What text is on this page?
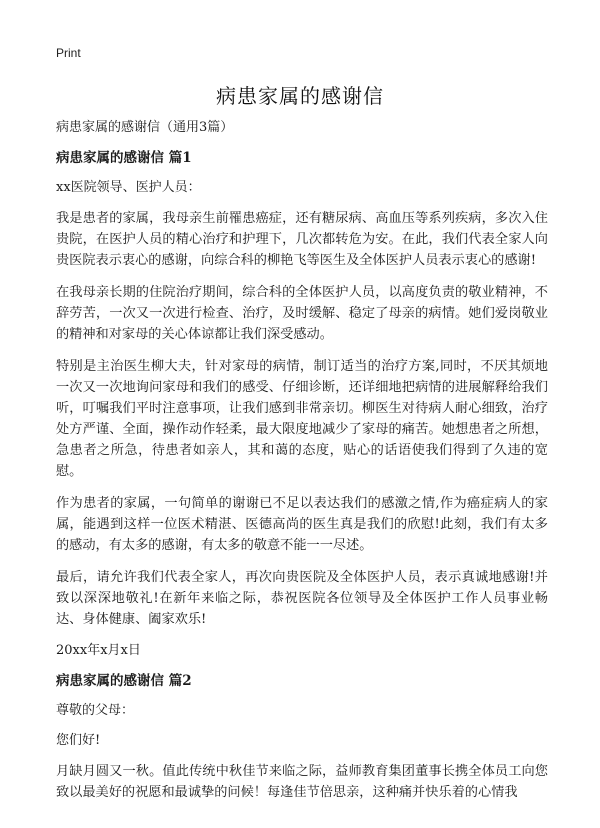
Print
病患家属的感谢信

病患家属的感谢信（通用3篇）

病患家属的感谢信 篇1

xx医院领导、医护人员：

我是患者的家属，我母亲生前罹患癌症，还有糖尿病、高血压等系列疾病，多次入住贵院，在医护人员的精心治疗和护理下，几次都转危为安。在此，我们代表全家人向贵医院表示衷心的感谢，向综合科的柳艳飞等医生及全体医护人员表示衷心的感谢!

在我母亲长期的住院治疗期间，综合科的全体医护人员，以高度负责的敬业精神，不辞劳苦，一次又一次进行检查、治疗，及时缓解、稳定了母亲的病情。她们爱岗敬业的精神和对家母的关心体谅都让我们深受感动。

特别是主治医生柳大夫，针对家母的病情，制订适当的治疗方案,同时，不厌其烦地一次又一次地询问家母和我们的感受、仔细诊断，还详细地把病情的进展解释给我们听，叮嘱我们平时注意事项，让我们感到非常亲切。柳医生对待病人耐心细致，治疗处方严谨、全面，操作动作轻柔，最大限度地减少了家母的痛苦。她想患者之所想，急患者之所急，待患者如亲人，其和蔼的态度，贴心的话语使我们得到了久违的宽慰。

作为患者的家属，一句简单的谢谢已不足以表达我们的感激之情,作为癌症病人的家属，能遇到这样一位医术精湛、医德高尚的医生真是我们的欣慰!此刻，我们有太多的感动，有太多的感谢，有太多的敬意不能一一尽述。

最后，请允许我们代表全家人，再次向贵医院及全体医护人员，表示真诚地感谢!并致以深深地敬礼!在新年来临之际，恭祝医院各位领导及全体医护工作人员事业畅达、身体健康、阖家欢乐!

20xx年x月x日

病患家属的感谢信 篇2

尊敬的父母：

您们好!

月缺月圆又一秋。值此传统中秋佳节来临之际，益师教育集团董事长携全体员工向您致以最美好的祝愿和最诚挚的问候！每逢佳节倍思亲，这种痛并快乐着的心情我
